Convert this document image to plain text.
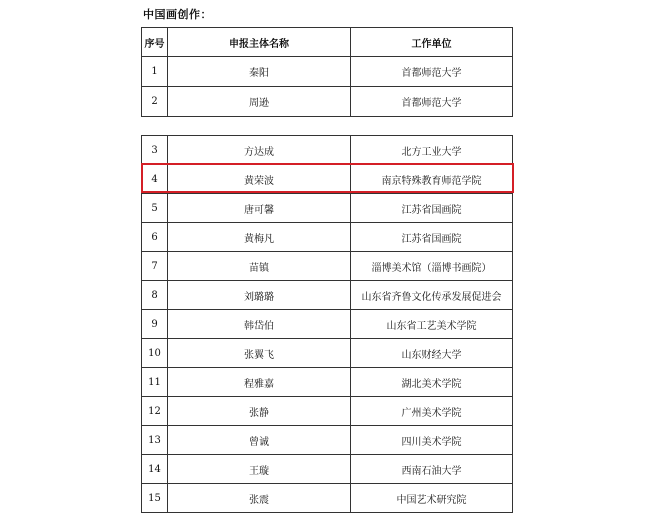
中国画创作：
序号	申报主体名称	工作单位
1	秦阳	首都师范大学
2	周逊	首都师范大学
3	方达成	北方工业大学
4	黄荣波	南京特殊教育师范学院
5	唐可馨	江苏省国画院
6	黄梅凡	江苏省国画院
7	苗镇	淄博美术馆（淄博书画院）
8	刘璐璐	山东省齐鲁文化传承发展促进会
9	韩岱伯	山东省工艺美术学院
10	张翼飞	山东财经大学
11	程雅嘉	湖北美术学院
12	张静	广州美术学院
13	曾诚	四川美术学院
14	王璇	西南石油大学
15	张震	中国艺术研究院
